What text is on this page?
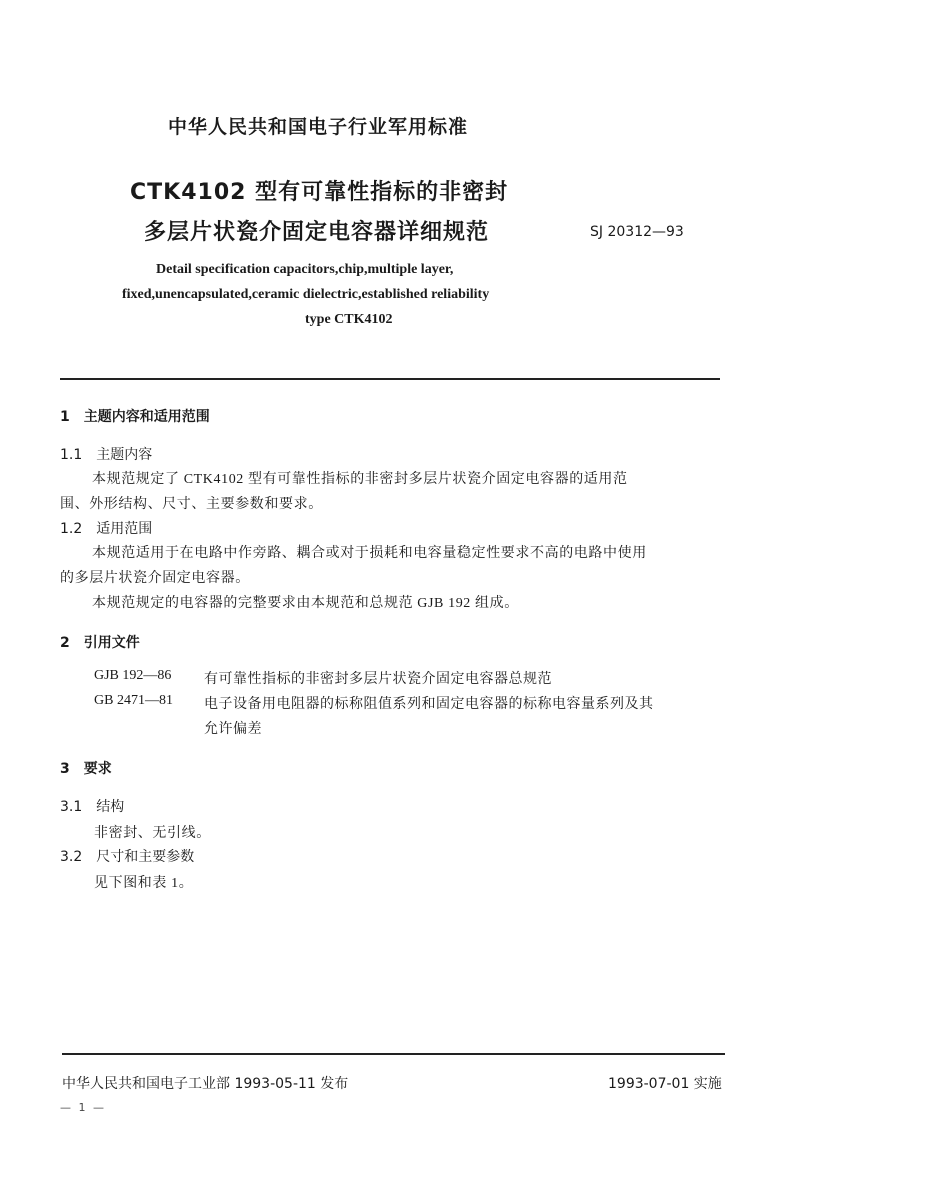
中华人民共和国电子行业军用标准
CTK4102 型有可靠性指标的非密封
多层片状瓷介固定电容器详细规范	SJ 20312—93
Detail specification capacitors,chip,multiple layer,
fixed,unencapsulated,ceramic dielectric,established reliability
type CTK4102
1　主题内容和适用范围
1.1　主题内容
本规范规定了 CTK4102 型有可靠性指标的非密封多层片状瓷介固定电容器的适用范
围、外形结构、尺寸、主要参数和要求。
1.2　适用范围
本规范适用于在电路中作旁路、耦合或对于损耗和电容量稳定性要求不高的电路中使用
的多层片状瓷介固定电容器。
本规范规定的电容器的完整要求由本规范和总规范 GJB 192 组成。
2　引用文件
GJB 192—86 有可靠性指标的非密封多层片状瓷介固定电容器总规范
GB 2471—81 电子设备用电阻器的标称阻值系列和固定电容器的标称电容量系列及其
允许偏差
3　要求
3.1　结构
非密封、无引线。
3.2　尺寸和主要参数
见下图和表 1。
中华人民共和国电子工业部 1993-05-11 发布	1993-07-01 实施
— 1 —
